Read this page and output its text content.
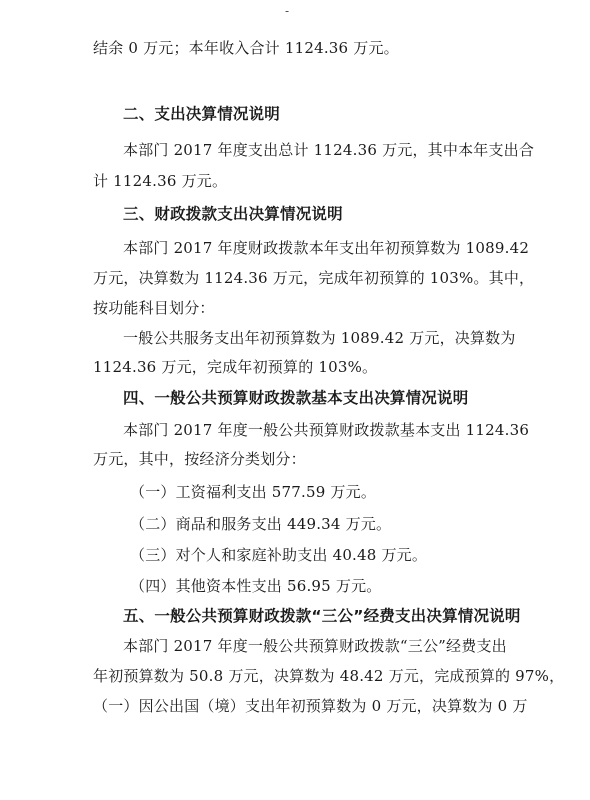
-
结余 0 万元；本年收入合计 1124.36 万元。
二、支出决算情况说明
本部门 2017 年度支出总计 1124.36 万元，其中本年支出合
计 1124.36 万元。
三、财政拨款支出决算情况说明
本部门 2017 年度财政拨款本年支出年初预算数为 1089.42
万元，决算数为 1124.36 万元，完成年初预算的 103%。其中，
按功能科目划分：
一般公共服务支出年初预算数为 1089.42 万元，决算数为
1124.36 万元，完成年初预算的 103%。
四、一般公共预算财政拨款基本支出决算情况说明
本部门 2017 年度一般公共预算财政拨款基本支出 1124.36
万元，其中，按经济分类划分：
（一）工资福利支出 577.59 万元。
（二）商品和服务支出 449.34 万元。
（三）对个人和家庭补助支出 40.48 万元。
（四）其他资本性支出 56.95 万元。
五、一般公共预算财政拨款“三公”经费支出决算情况说明
本部门 2017 年度一般公共预算财政拨款“三公”经费支出
年初预算数为 50.8 万元，决算数为 48.42 万元，完成预算的 97%，
（一）因公出国（境）支出年初预算数为 0 万元，决算数为 0 万
